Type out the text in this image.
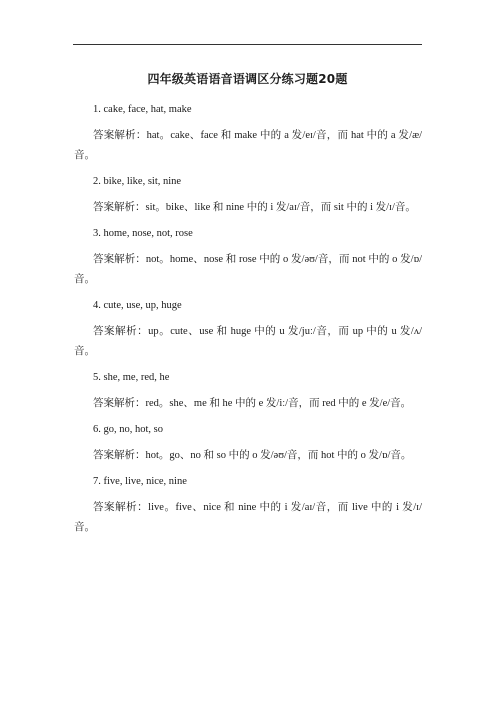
四年级英语语音语调区分练习题20题
1. cake, face, hat, make
答案解析：hat。cake、face 和 make 中的 a 发/eɪ/音，而 hat 中的 a 发/æ/音。
2. bike, like, sit, nine
答案解析：sit。bike、like 和 nine 中的 i 发/aɪ/音，而 sit 中的 i 发/ɪ/音。
3. home, nose, not, rose
答案解析：not。home、nose 和 rose 中的 o 发/əʊ/音，而 not 中的 o 发/ɒ/音。
4. cute, use, up, huge
答案解析：up。cute、use 和 huge 中的 u 发/juː/音，而 up 中的 u 发/ʌ/音。
5. she, me, red, he
答案解析：red。she、me 和 he 中的 e 发/iː/音，而 red 中的 e 发/e/音。
6. go, no, hot, so
答案解析：hot。go、no 和 so 中的 o 发/əʊ/音，而 hot 中的 o 发/ɒ/音。
7. five, live, nice, nine
答案解析：live。five、nice 和 nine 中的 i 发/aɪ/音，而 live 中的 i 发/ɪ/音。
